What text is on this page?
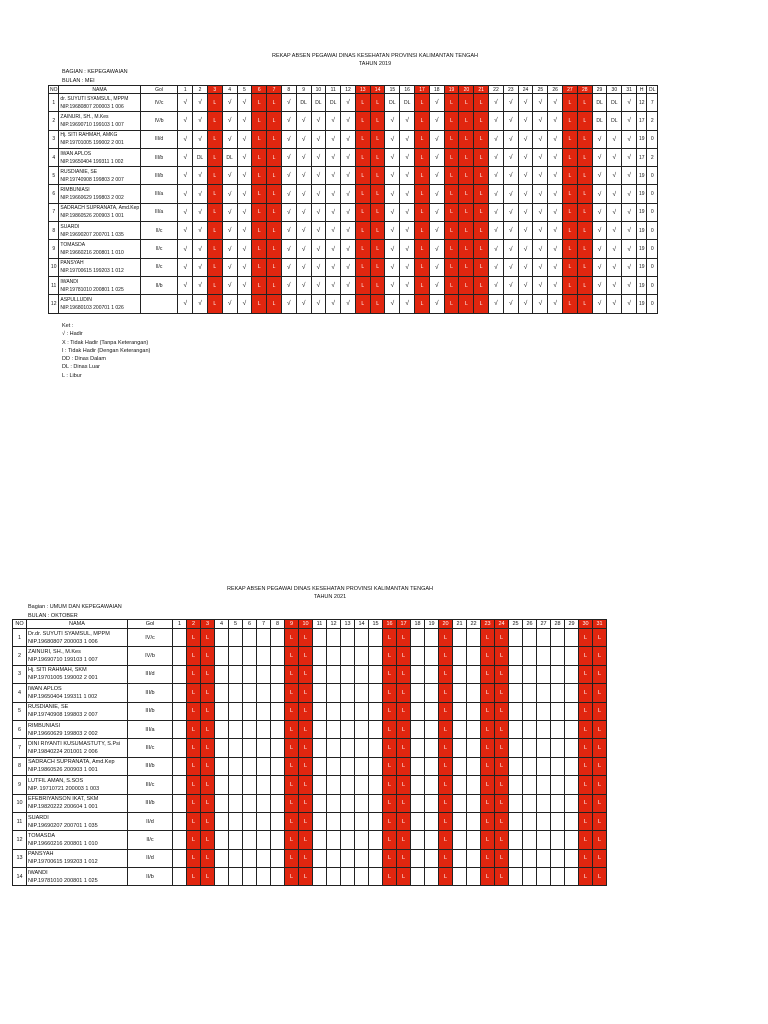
REKAP ABSEN PEGAWAI DINAS KESEHATAN PROVINSI KALIMANTAN TENGAH
TAHUN 2019
BAGIAN : KEPEGAWAIAN
BULAN : MEI
NO	NAMA	Gol	1	2	3	4	5	6	7	8	9	10	11	12	13	14	15	16	17	18	19	20	21	22	23	24	25	26	27	28	29	30	31	H	DL
1	dr. SUYUTI SYAMSUL, MPPM
NIP.19680807 200003 1 006	IV/c	√	√	L	√	√	L	L	√	DL	DL	DL	√	L	L	DL	DL	L	√	L	L	L	√	√	√	√	√	L	L	DL	DL	√	12	7
2	ZAINURI, SH., M.Kes
NIP.19690710 199103 1 007	IV/b	√	√	L	√	√	L	L	√	√	√	√	√	L	L	√	√	L	√	L	L	L	√	√	√	√	√	L	L	DL	DL	√	17	2
3	Hj. SITI RAHMAH, AMKG
NIP.19701005 199002 2 001	III/d	√	√	L	√	√	L	L	√	√	√	√	√	L	L	√	√	L	√	L	L	L	√	√	√	√	√	L	L	√	√	√	19	0
4	IWAN APLOS
NIP.19650404 199311 1 002	III/b	√	DL	L	DL	√	L	L	√	√	√	√	√	L	L	√	√	L	√	L	L	L	√	√	√	√	√	L	L	√	√	√	17	2
5	RUSDIANIE, SE
NIP.19740908 199803 2 007	III/b	√	√	L	√	√	L	L	√	√	√	√	√	L	L	√	√	L	√	L	L	L	√	√	√	√	√	L	L	√	√	√	19	0
6	RIMBUNIASI
NIP.19660629 199803 2 002	III/a	√	√	L	√	√	L	L	√	√	√	√	√	L	L	√	√	L	√	L	L	L	√	√	√	√	√	L	L	√	√	√	19	0
7	SADRACH SUPRANATA, Amd.Kep
NIP.19860526 200903 1 001	III/a	√	√	L	√	√	L	L	√	√	√	√	√	L	L	√	√	L	√	L	L	L	√	√	√	√	√	L	L	√	√	√	19	0
8	SUARDI
NIP.19690207 200701 1 035	II/c	√	√	L	√	√	L	L	√	√	√	√	√	L	L	√	√	L	√	L	L	L	√	√	√	√	√	L	L	√	√	√	19	0
9	TOMASDA
NIP.19660216 200801 1 010	II/c	√	√	L	√	√	L	L	√	√	√	√	√	L	L	√	√	L	√	L	L	L	√	√	√	√	√	L	L	√	√	√	19	0
10	PANSYAH
NIP.19700615 199203 1 012	II/c	√	√	L	√	√	L	L	√	√	√	√	√	L	L	√	√	L	√	L	L	L	√	√	√	√	√	L	L	√	√	√	19	0
11	IWANDI
NIP.19781010 200801 1 025	II/b	√	√	L	√	√	L	L	√	√	√	√	√	L	L	√	√	L	√	L	L	L	√	√	√	√	√	L	L	√	√	√	19	0
12	ASPULLUDIN
NIP.19680103 200701 1 026		√	√	L	√	√	L	L	√	√	√	√	√	L	L	√	√	L	√	L	L	L	√	√	√	√	√	L	L	√	√	√	19	0
Ket :
√ : Hadir
X : Tidak Hadir (Tanpa Keterangan)
I : Tidak Hadir (Dengan Keterangan)
DD : Dinas Dalam
DL : Dinas Luar
L : Libur
REKAP ABSEN PEGAWAI DINAS KESEHATAN PROVINSI KALIMANTAN TENGAH
TAHUN 2021
Bagian : UMUM DAN KEPEGAWAIAN
BULAN : OKTOBER
NO	NAMA	Gol	1	2	3	4	5	6	7	8	9	10	11	12	13	14	15	16	17	18	19	20	21	22	23	24	25	26	27	28	29	30	31
1	Dr.dr. SUYUTI SYAMSUL, MPPM
NIP.19680807 200003 1 006	IV/c		L	L						L	L						L	L			L			L	L						L	L
2	ZAINURI, SH., M.Kes
NIP.19690710 199103 1 007	IV/b		L	L						L	L						L	L			L			L	L						L	L
3	Hj. SITI RAHMAH, SKM
NIP.19701005 199002 2 001	III/d		L	L						L	L						L	L			L			L	L						L	L
4	IWAN APLOS
NIP.19650404 199311 1 002	III/b		L	L						L	L						L	L			L			L	L						L	L
5	RUSDIANIE, SE
NIP.19740908 199803 2 007	III/b		L	L						L	L						L	L			L			L	L						L	L
6	RIMBUNIASI
NIP.19660629 199803 2 002	III/a		L	L						L	L						L	L			L			L	L						L	L
7	DINI RIYANTI KUSUMASTUTY, S.Psi
NIP.19840224 201001 2 006	III/c		L	L						L	L						L	L			L			L	L						L	L
8	SADRACH SUPRANATA, Amd.Kep
NIP.19860526 200903 1 001	III/b		L	L						L	L						L	L			L			L	L						L	L
9	LUTFIL AMAN, S.SOS
NIP. 19710721 200003 1 003	III/c		L	L						L	L						L	L			L			L	L						L	L
10	EFEBRIYANSON IKAT, SKM
NIP.19820222 200604 1 001	III/b		L	L						L	L						L	L			L			L	L						L	L
11	SUARDI
NIP.19690207 200701 1 035	II/d		L	L						L	L						L	L			L			L	L						L	L
12	TOMASDA
NIP.19660216 200801 1 010	II/c		L	L						L	L						L	L			L			L	L						L	L
13	PANSYAH
NIP.19700615 199203 1 012	II/d		L	L						L	L						L	L			L			L	L						L	L
14	IWANDI
NIP.19781010 200801 1 025	II/b		L	L						L	L						L	L			L			L	L						L	L
